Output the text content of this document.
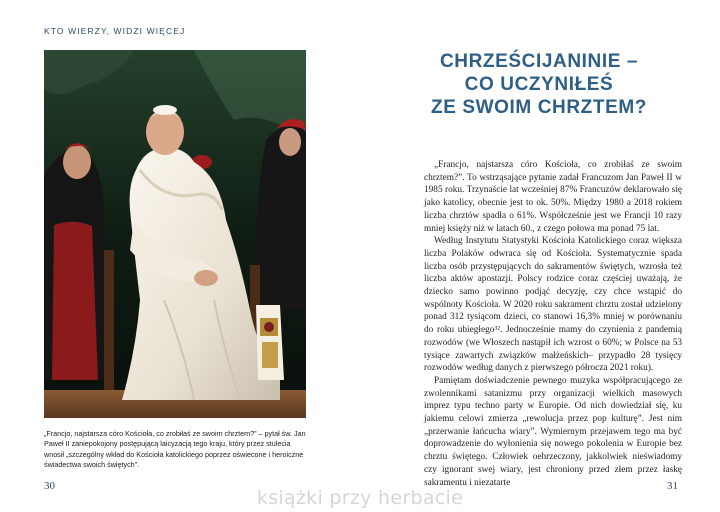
KTO WIERZY, WIDZI WIĘCEJ
„Francjo, najstarsza córo Kościoła, co zrobiłaś ze swoim chrztem?” – pytał św. Jan Paweł II zaniepokojony postępującą laicyzacją tego kraju, który przez stulecia wnosił „szczególny wkład do Kościoła katolickiego poprzez oświecone i heroiczne świadectwa swoich świętych”.
30
CHRZEŚCIJANINIE –
CO UCZYNIŁEŚ
ZE SWOIM CHRZTEM?

„Francjo, najstarsza córo Kościoła, co zrobiłaś ze swoim chrztem?”. To wstrząsające pytanie zadał Francuzom Jan Paweł II w 1985 roku. Trzynaście lat wcześniej 87% Francuzów deklarowało się jako katolicy, obecnie jest to ok. 50%. Między 1980 a 2018 rokiem liczba chrztów spadła o 61%. Współcześnie jest we Francji 10 razy mniej księży niż w latach 60., z czego połowa ma ponad 75 lat.

Według Instytutu Statystyki Kościoła Katolickiego coraz większa liczba Polaków odwraca się od Kościoła. Systematycznie spada liczba osób przystępujących do sakramentów świętych, wzrosła też liczba aktów apostazji. Polscy rodzice coraz częściej uważają, że dziecko samo powinno podjąć decyzję, czy chce wstąpić do wspólnoty Kościoła. W 2020 roku sakrament chrztu został udzielony ponad 312 tysiącom dzieci, co stanowi 16,3% mniej w porównaniu do roku ubiegłego³². Jednocześnie mamy do czynienia z pandemią rozwodów (we Włoszech nastąpił ich wzrost o 60%; w Polsce na 53 tysiące zawartych związków małżeńskich– przypadło 28 tysięcy rozwodów według danych z pierwszego półrocza 2021 roku).

Pamiętam doświadczenie pewnego muzyka współpracującego ze zwolennikami satanizmu przy organizacji wielkich masowych imprez typu techno party w Europie. Od nich dowiedział się, ku jakiemu celowi zmierza „rewolucja przez pop kulturę”. Jest nim „przerwanie łańcucha wiary”. Wymiernym przejawem tego ma być doprowadzenie do wyłonienia się nowego pokolenia w Europie bez chrztu świętego. Człowiek oehrzeczony, jakkolwiek nieświadomy czy ignorant swej wiary, jest chroniony przed złem przez łaskę sakramentu i niezatarte	31
książki przy herbacie
